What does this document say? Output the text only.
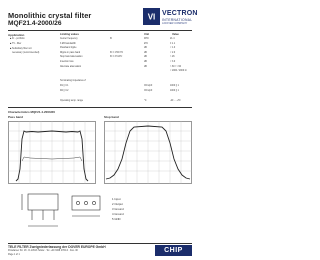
Monolithic crystal filter
MQF21.4-2000/26
VI VECTRON
INTERNATIONAL
A DOVER COMPANY
Application
■ IC - portfolio
■ TV - filter
■ Subsidiary filter not
necessary (recommended)
Limiting values	Unit	Value
Center frequency	f0	MHz	21.4
3 dB bandwidth	kHz	± 1.1
Passband ripple	dB	< 1.0
Ripple in pass band	f0 ± 1700 Hz	dB	< 2.0
Stop band attenuation	f0 ± 3.5 kHz	dB	> 26
Insertion loss	dB	< 3.0
Alternate attenuation	dB	> 60 / > 90
< 2000 / 2000 Ω
Terminating impedance Z
R1 || C1	Ohm/pF	1000 || 1
R2 || C2	Ohm/pF	1000 || 1
Operating temp. range	°C	-20 ... +70
Characteristics MQF21.4-2000/26
Pass band	Stop band
1 Input
2 Output
3 Ground
4 Ground
5 GND
TELE FILTER Zweigniederlassung der DOVER EUROPE GmbH
Potsdamer Str. 18 · D-14513 Teltow · Tel. +49 3328 4784-0 · Fax -30
Page 1 of 1
CHIP
